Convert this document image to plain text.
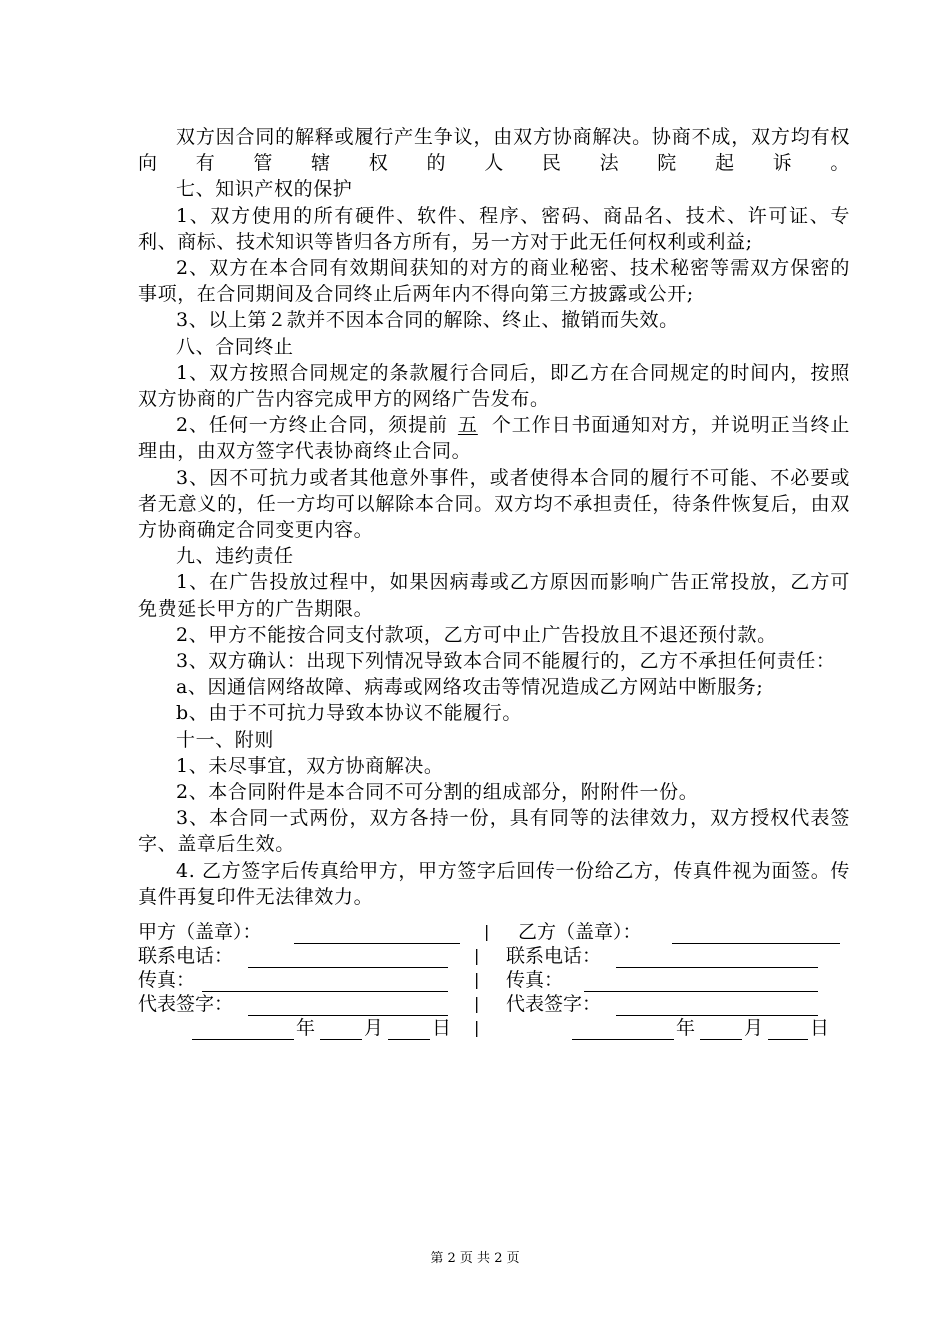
双方因合同的解释或履行产生争议，由双方协商解决。协商不成，双方均有权向有管辖权的人民法院起诉。

七、知识产权的保护

1、双方使用的所有硬件、软件、程序、密码、商品名、技术、许可证、专利、商标、技术知识等皆归各方所有，另一方对于此无任何权利或利益;

2、双方在本合同有效期间获知的对方的商业秘密、技术秘密等需双方保密的事项，在合同期间及合同终止后两年内不得向第三方披露或公开;

3、以上第２款并不因本合同的解除、终止、撤销而失效。

八、合同终止

1、双方按照合同规定的条款履行合同后，即乙方在合同规定的时间内，按照双方协商的广告内容完成甲方的网络广告发布。

2、任何一方终止合同，须提前 五 个工作日书面通知对方，并说明正当终止理由，由双方签字代表协商终止合同。

3、因不可抗力或者其他意外事件，或者使得本合同的履行不可能、不必要或者无意义的，任一方均可以解除本合同。双方均不承担责任，待条件恢复后，由双方协商确定合同变更内容。

九、违约责任

1、在广告投放过程中，如果因病毒或乙方原因而影响广告正常投放，乙方可免费延长甲方的广告期限。

2、甲方不能按合同支付款项，乙方可中止广告投放且不退还预付款。

3、双方确认：出现下列情况导致本合同不能履行的，乙方不承担任何责任：

a、因通信网络故障、病毒或网络攻击等情况造成乙方网站中断服务;

b、由于不可抗力导致本协议不能履行。

十一、附则

1、未尽事宜，双方协商解决。

2、本合同附件是本合同不可分割的组成部分，附附件一份。

3、本合同一式两份，双方各持一份，具有同等的法律效力，双方授权代表签字、盖章后生效。

4. 乙方签字后传真给甲方，甲方签字后回传一份给乙方，传真件视为面签。传真件再复印件无法律效力。

甲方（盖章）：	| 乙方（盖章）：
联系电话：	| 联系电话：
传真：	| 传真：
代表签字：	| 代表签字：
年	月	日 |	年	月 日
第 2 页 共 2 页
